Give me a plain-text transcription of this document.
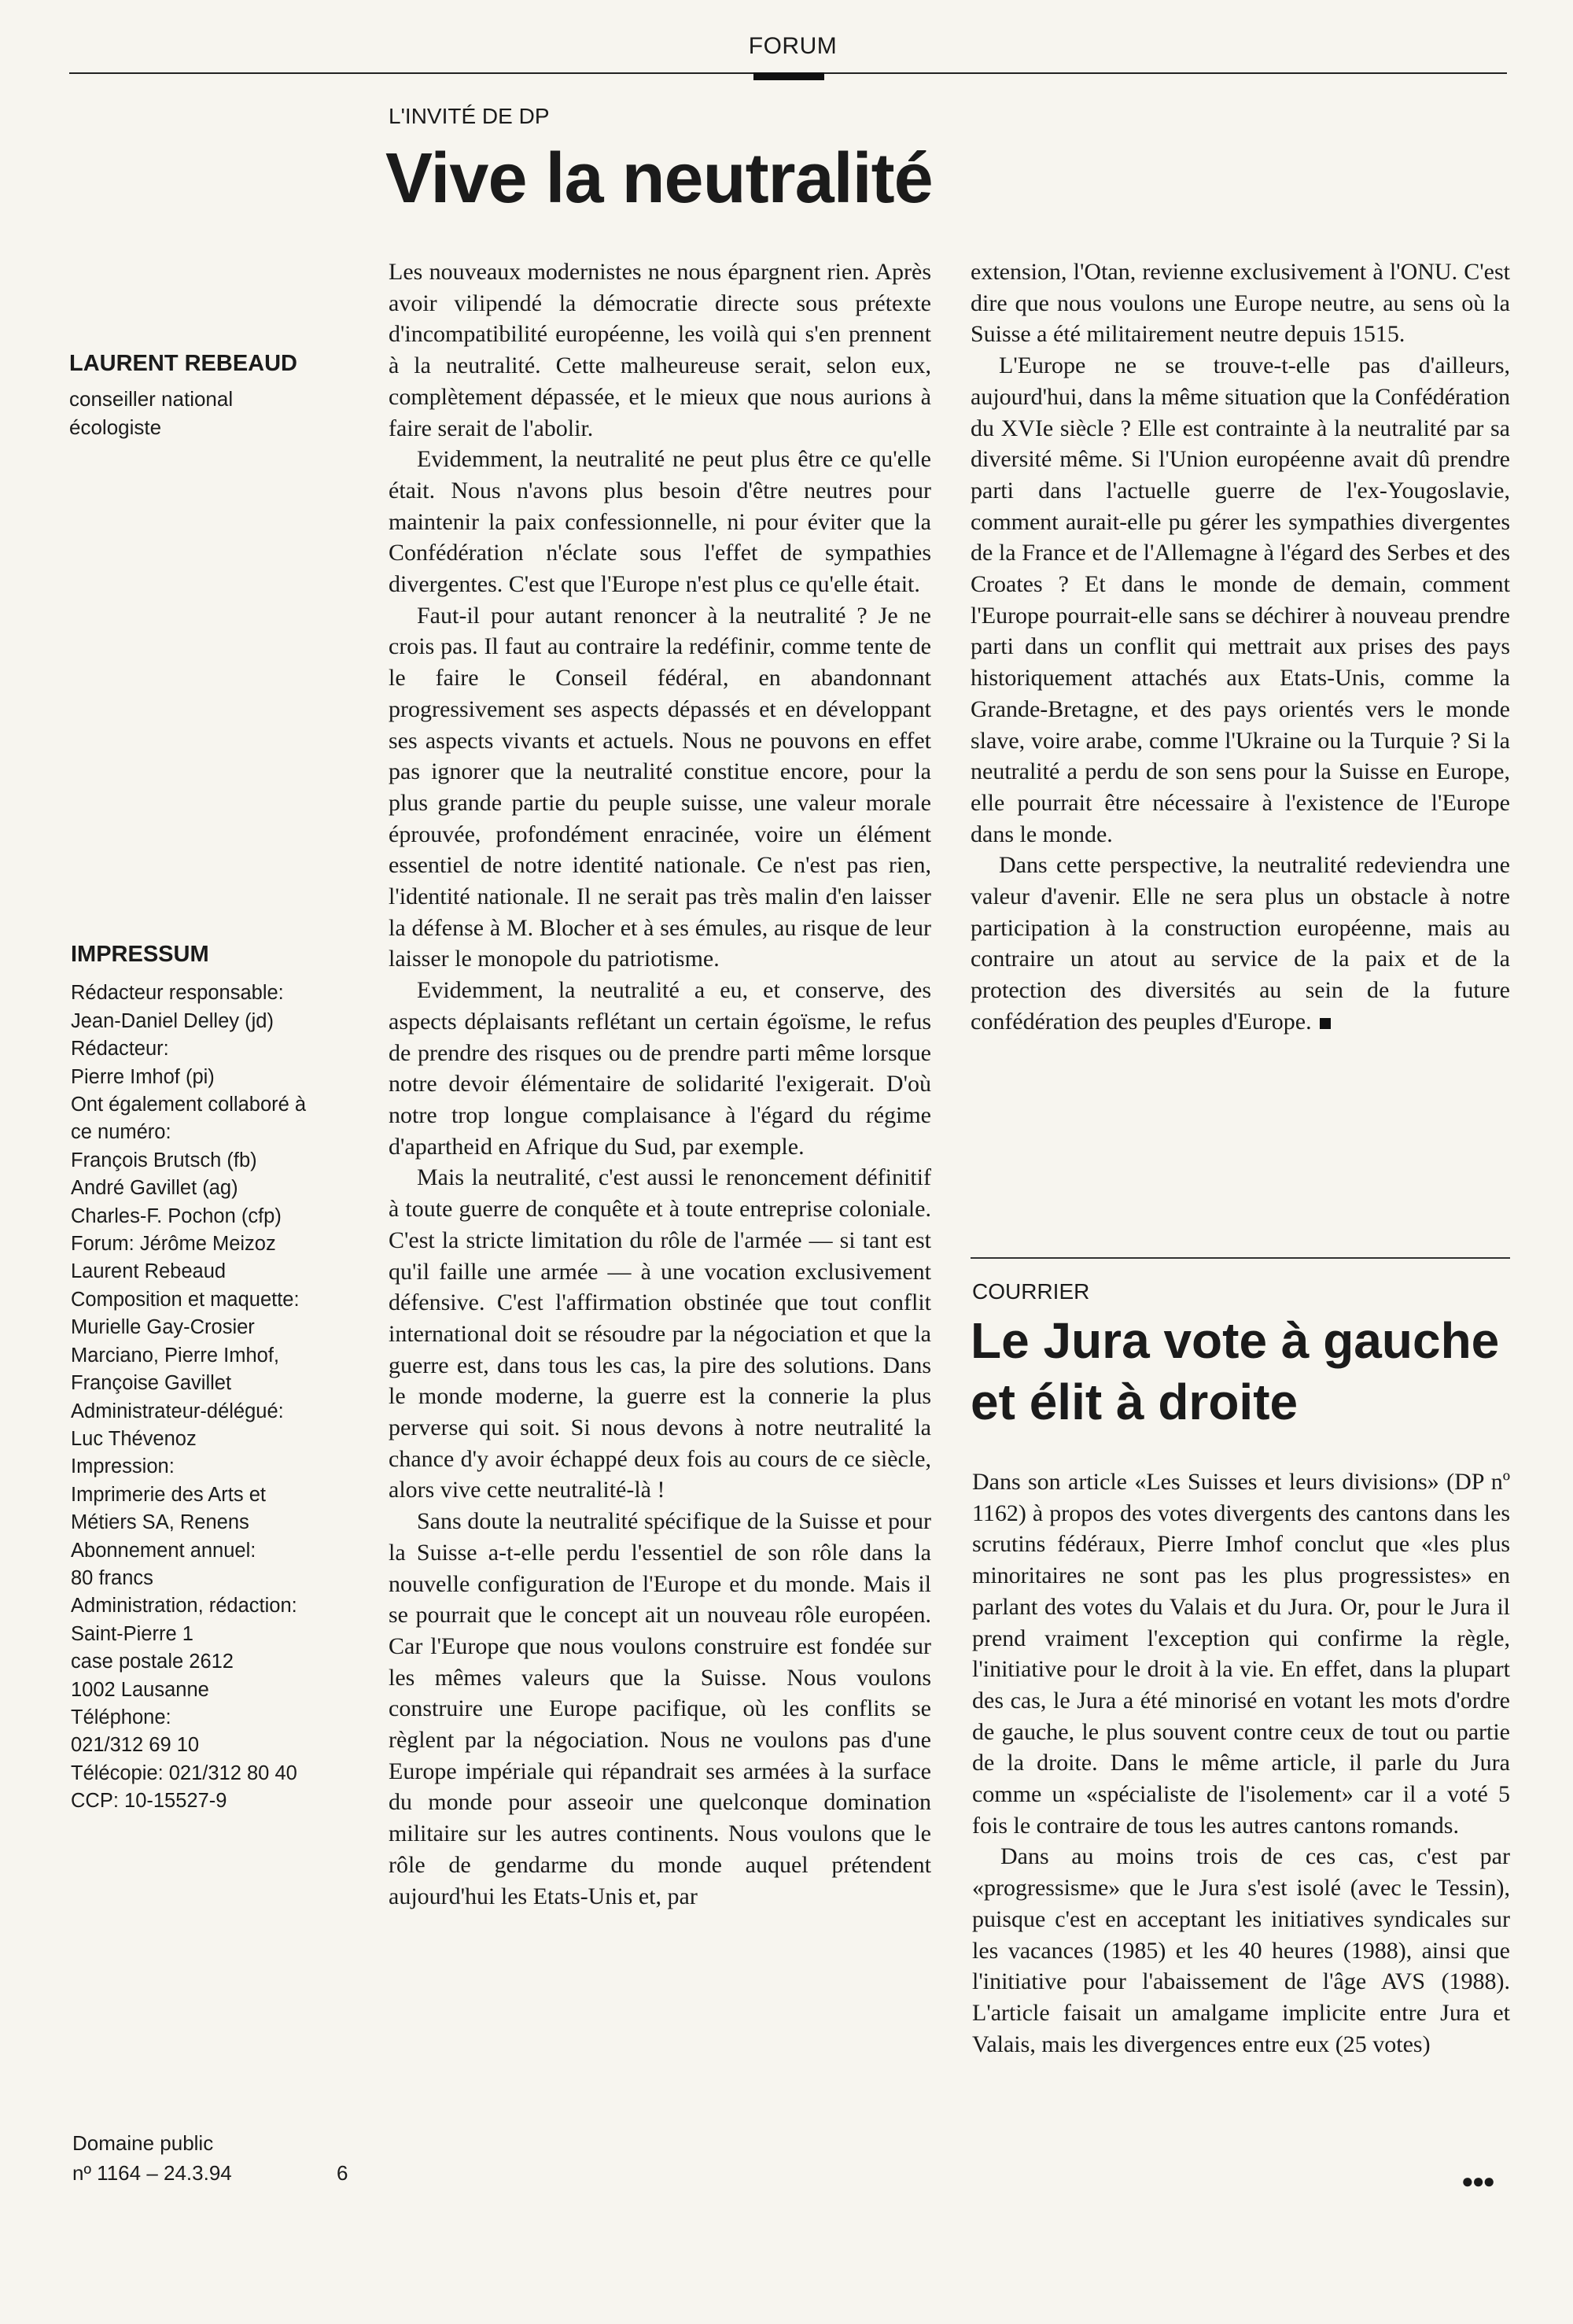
FORUM
L'INVITÉ DE DP
Vive la neutralité
LAURENT REBEAUD
conseiller national écologiste

Les nouveaux modernistes ne nous épargnent rien. Après avoir vilipendé la démocratie directe sous prétexte d'incompatibilité européenne, les voilà qui s'en prennent à la neutralité. Cette malheureuse serait, selon eux, complètement dépassée, et le mieux que nous aurions à faire serait de l'abolir.

Evidemment, la neutralité ne peut plus être ce qu'elle était. Nous n'avons plus besoin d'être neutres pour maintenir la paix confessionnelle, ni pour éviter que la Confédération n'éclate sous l'effet de sympathies divergentes. C'est que l'Europe n'est plus ce qu'elle était.

Faut-il pour autant renoncer à la neutralité ? Je ne crois pas. Il faut au contraire la redéfinir, comme tente de le faire le Conseil fédéral, en abandonnant progressivement ses aspects dépassés et en développant ses aspects vivants et actuels. Nous ne pouvons en effet pas ignorer que la neutralité constitue encore, pour la plus grande partie du peuple suisse, une valeur morale éprouvée, profondément enracinée, voire un élément essentiel de notre identité nationale. Ce n'est pas rien, l'identité nationale. Il ne serait pas très malin d'en laisser la défense à M. Blocher et à ses émules, au risque de leur laisser le monopole du patriotisme.

Evidemment, la neutralité a eu, et conserve, des aspects déplaisants reflétant un certain égoïsme, le refus de prendre des risques ou de prendre parti même lorsque notre devoir élémentaire de solidarité l'exigerait. D'où notre trop longue complaisance à l'égard du régime d'apartheid en Afrique du Sud, par exemple.

Mais la neutralité, c'est aussi le renoncement définitif à toute guerre de conquête et à toute entreprise coloniale. C'est la stricte limitation du rôle de l'armée — si tant est qu'il faille une armée — à une vocation exclusivement défensive. C'est l'affirmation obstinée que tout conflit international doit se résoudre par la négociation et que la guerre est, dans tous les cas, la pire des solutions. Dans le monde moderne, la guerre est la connerie la plus perverse qui soit. Si nous devons à notre neutralité la chance d'y avoir échappé deux fois au cours de ce siècle, alors vive cette neutralité-là !

Sans doute la neutralité spécifique de la Suisse et pour la Suisse a-t-elle perdu l'essentiel de son rôle dans la nouvelle configuration de l'Europe et du monde. Mais il se pourrait que le concept ait un nouveau rôle européen. Car l'Europe que nous voulons construire est fondée sur les mêmes valeurs que la Suisse. Nous voulons construire une Europe pacifique, où les conflits se règlent par la négociation. Nous ne voulons pas d'une Europe impériale qui répandrait ses armées à la surface du monde pour asseoir une quelconque domination militaire sur les autres continents. Nous voulons que le rôle de gendarme du monde auquel prétendent aujourd'hui les Etats-Unis et, par

extension, l'Otan, revienne exclusivement à l'ONU. C'est dire que nous voulons une Europe neutre, au sens où la Suisse a été militairement neutre depuis 1515.

L'Europe ne se trouve-t-elle pas d'ailleurs, aujourd'hui, dans la même situation que la Confédération du XVIe siècle ? Elle est contrainte à la neutralité par sa diversité même. Si l'Union européenne avait dû prendre parti dans l'actuelle guerre de l'ex-Yougoslavie, comment aurait-elle pu gérer les sympathies divergentes de la France et de l'Allemagne à l'égard des Serbes et des Croates ? Et dans le monde de demain, comment l'Europe pourrait-elle sans se déchirer à nouveau prendre parti dans un conflit qui mettrait aux prises des pays historiquement attachés aux Etats-Unis, comme la Grande-Bretagne, et des pays orientés vers le monde slave, voire arabe, comme l'Ukraine ou la Turquie ? Si la neutralité a perdu de son sens pour la Suisse en Europe, elle pourrait être nécessaire à l'existence de l'Europe dans le monde.

Dans cette perspective, la neutralité redeviendra une valeur d'avenir. Elle ne sera plus un obstacle à notre participation à la construction européenne, mais au contraire un atout au service de la paix et de la protection des diversités au sein de la future confédération des peuples d'Europe.

IMPRESSUM
Rédacteur responsable:
Jean-Daniel Delley (jd)
Rédacteur:
Pierre Imhof (pi)
Ont également collaboré à
ce numéro:
François Brutsch (fb)
André Gavillet (ag)
Charles-F. Pochon (cfp)
Forum: Jérôme Meizoz
Laurent Rebeaud
Composition et maquette:
Murielle Gay-Crosier
Marciano, Pierre Imhof,
Françoise Gavillet
Administrateur-délégué:
Luc Thévenoz
Impression:
Imprimerie des Arts et
Métiers SA, Renens
Abonnement annuel:
80 francs
Administration, rédaction:
Saint-Pierre 1
case postale 2612
1002 Lausanne
Téléphone:
021/312 69 10
Télécopie: 021/312 80 40
CCP: 10-15527-9
Domaine public
nº 1164 – 24.3.94	6
COURRIER
Le Jura vote à gauche et élit à droite

Dans son article «Les Suisses et leurs divisions» (DP nº 1162) à propos des votes divergents des cantons dans les scrutins fédéraux, Pierre Imhof conclut que «les plus minoritaires ne sont pas les plus progressistes» en parlant des votes du Valais et du Jura. Or, pour le Jura il prend vraiment l'exception qui confirme la règle, l'initiative pour le droit à la vie. En effet, dans la plupart des cas, le Jura a été minorisé en votant les mots d'ordre de gauche, le plus souvent contre ceux de tout ou partie de la droite. Dans le même article, il parle du Jura comme un «spécialiste de l'isolement» car il a voté 5 fois le contraire de tous les autres cantons romands.

Dans au moins trois de ces cas, c'est par «progressisme» que le Jura s'est isolé (avec le Tessin), puisque c'est en acceptant les initiatives syndicales sur les vacances (1985) et les 40 heures (1988), ainsi que l'initiative pour l'abaissement de l'âge AVS (1988). L'article faisait un amalgame implicite entre Jura et Valais, mais les divergences entre eux (25 votes)

●●●
